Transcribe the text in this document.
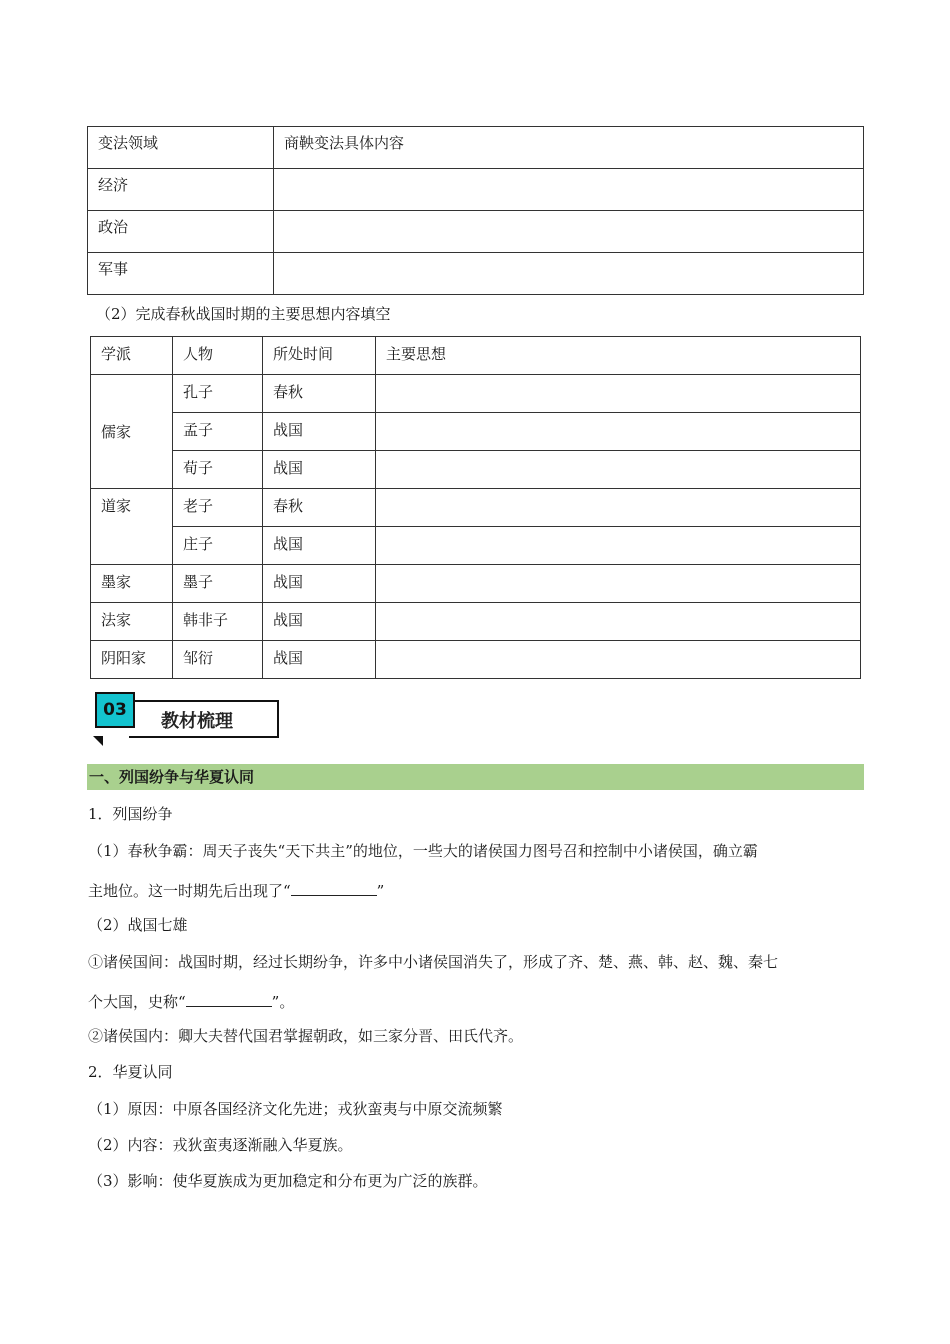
变法领域	商鞅变法具体内容
经济	
政治	
军事	
（2）完成春秋战国时期的主要思想内容填空
学派	人物	所处时间	主要思想
儒家	孔子	春秋	
	孟子	战国	
	荀子	战国	
道家	老子	春秋	
	庄子	战国	
墨家	墨子	战国	
法家	韩非子	战国	
阴阳家	邹衍	战国	
03
教材梳理
一、列国纷争与华夏认同
1．列国纷争
（1）春秋争霸：周天子丧失“天下共主”的地位，一些大的诸侯国力图号召和控制中小诸侯国，确立霸
主地位。这一时期先后出现了“	”
（2）战国七雄
①诸侯国间：战国时期，经过长期纷争，许多中小诸侯国消失了，形成了齐、楚、燕、韩、赵、魏、秦七
个大国，史称“	”。
②诸侯国内：卿大夫替代国君掌握朝政，如三家分晋、田氏代齐。
2．华夏认同
（1）原因：中原各国经济文化先进；戎狄蛮夷与中原交流频繁
（2）内容：戎狄蛮夷逐渐融入华夏族。
（3）影响：使华夏族成为更加稳定和分布更为广泛的族群。
